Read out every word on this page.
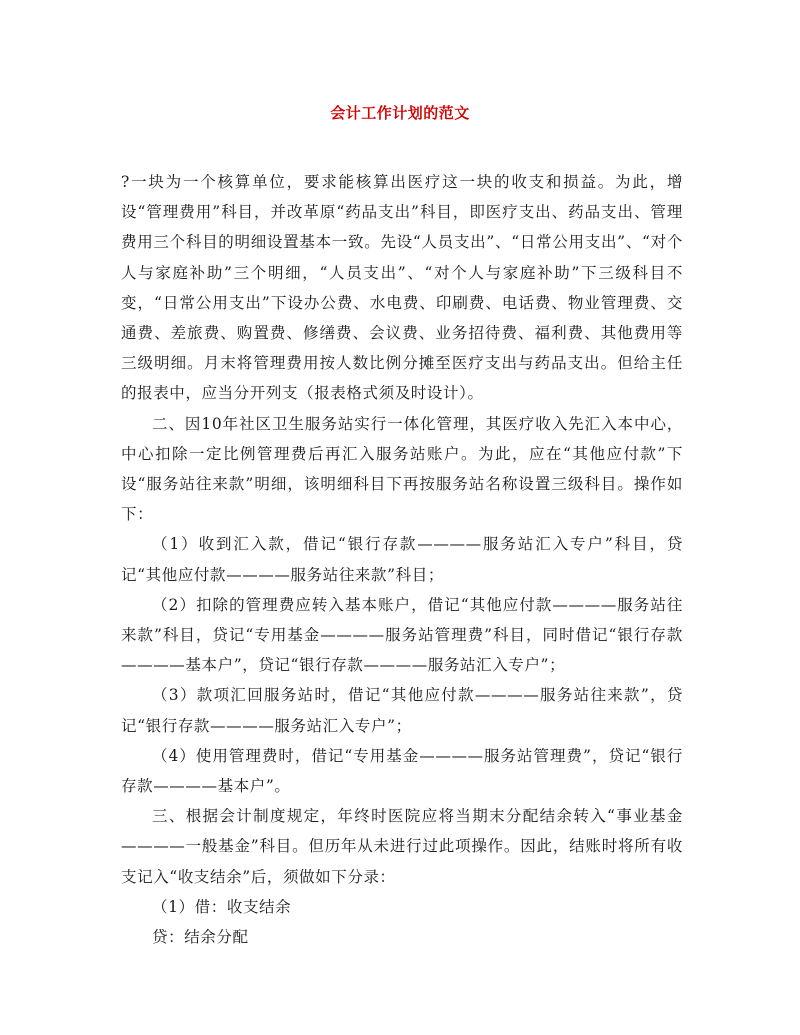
会计工作计划的范文

?一块为一个核算单位，要求能核算出医疗这一块的收支和损益。为此，增设“管理费用”科目，并改革原“药品支出”科目，即医疗支出、药品支出、管理费用三个科目的明细设置基本一致。先设“人员支出”、“日常公用支出”、“对个人与家庭补助”三个明细，“人员支出”、“对个人与家庭补助”下三级科目不变，“日常公用支出”下设办公费、水电费、印刷费、电话费、物业管理费、交通费、差旅费、购置费、修缮费、会议费、业务招待费、福利费、其他费用等三级明细。月末将管理费用按人数比例分摊至医疗支出与药品支出。但给主任的报表中，应当分开列支（报表格式须及时设计）。

二、因10年社区卫生服务站实行一体化管理，其医疗收入先汇入本中心，中心扣除一定比例管理费后再汇入服务站账户。为此，应在“其他应付款”下设“服务站往来款”明细，该明细科目下再按服务站名称设置三级科目。操作如下：

（1）收到汇入款，借记“银行存款————服务站汇入专户”科目，贷记“其他应付款————服务站往来款”科目；

（2）扣除的管理费应转入基本账户，借记“其他应付款————服务站往来款”科目，贷记“专用基金————服务站管理费”科目，同时借记“银行存款————基本户”，贷记“银行存款————服务站汇入专户”；

（3）款项汇回服务站时，借记“其他应付款————服务站往来款”，贷记“银行存款————服务站汇入专户”；

（4）使用管理费时，借记“专用基金————服务站管理费”，贷记“银行存款————基本户”。

三、根据会计制度规定，年终时医院应将当期末分配结余转入“事业基金————一般基金”科目。但历年从未进行过此项操作。因此，结账时将所有收支记入“收支结余”后，须做如下分录：

（1）借：收支结余

贷：结余分配
